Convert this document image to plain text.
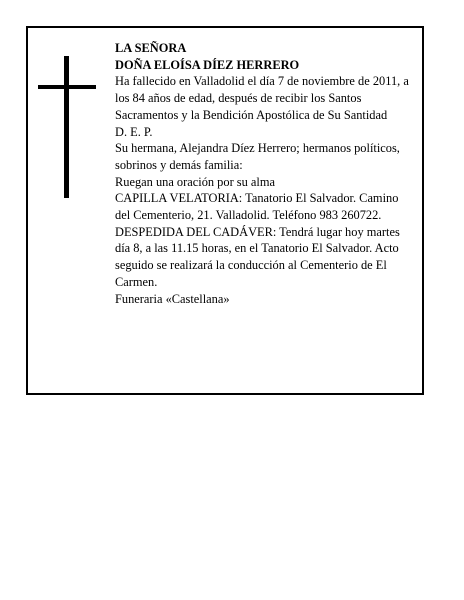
LA SEÑORA
DOÑA ELOÍSA DÍEZ HERRERO
Ha fallecido en Valladolid el día 7 de noviembre de 2011, a los 84 años de edad, después de recibir los Santos Sacramentos y la Bendición Apostólica de Su Santidad
D. E. P.
Su hermana, Alejandra Díez Herrero; hermanos políticos, sobrinos y demás familia:
Ruegan una oración por su alma
CAPILLA VELATORIA: Tanatorio El Salvador. Camino del Cementerio, 21. Valladolid. Teléfono 983 260722.
DESPEDIDA DEL CADÁVER: Tendrá lugar hoy martes día 8, a las 11.15 horas, en el Tanatorio El Salvador. Acto seguido se realizará la conducción al Cementerio de El Carmen.
Funeraria «Castellana»
